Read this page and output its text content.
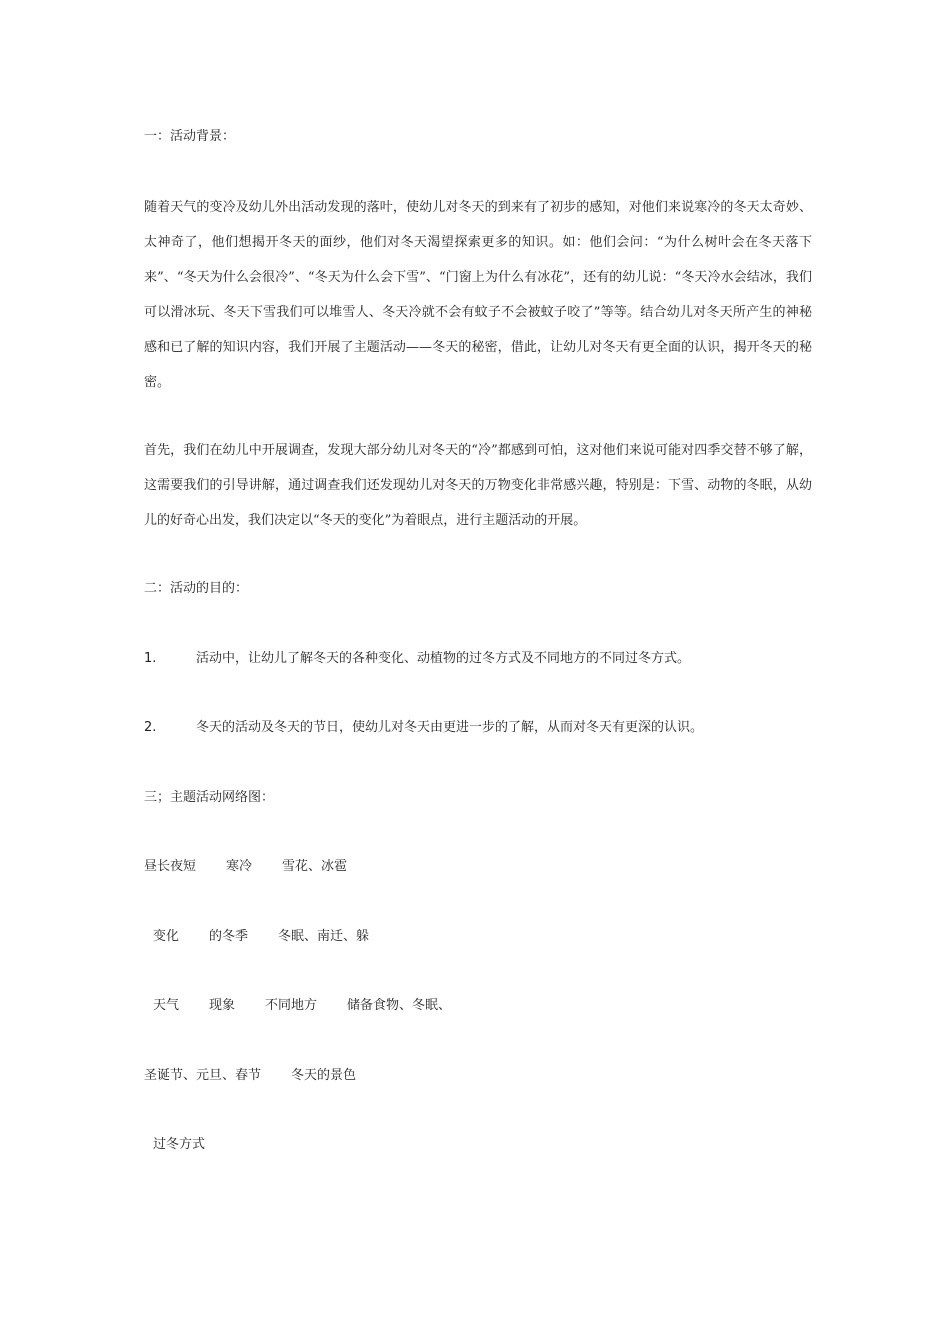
一：活动背景：
随着天气的变冷及幼儿外出活动发现的落叶，使幼儿对冬天的到来有了初步的感知，对他们来说寒冷的冬天太奇妙、太神奇了，他们想揭开冬天的面纱，他们对冬天渴望探索更多的知识。如：他们会问：“为什么树叶会在冬天落下来”、“冬天为什么会很冷”、“冬天为什么会下雪”、“门窗上为什么有冰花”，还有的幼儿说：“冬天冷水会结冰，我们可以滑冰玩、冬天下雪我们可以堆雪人、冬天冷就不会有蚊子不会被蚊子咬了”等等。结合幼儿对冬天所产生的神秘感和已了解的知识内容，我们开展了主题活动——冬天的秘密，借此，让幼儿对冬天有更全面的认识，揭开冬天的秘密。
首先，我们在幼儿中开展调查，发现大部分幼儿对冬天的“冷”都感到可怕，这对他们来说可能对四季交替不够了解，这需要我们的引导讲解，通过调查我们还发现幼儿对冬天的万物变化非常感兴趣，特别是：下雪、动物的冬眠，从幼儿的好奇心出发，我们决定以“冬天的变化”为着眼点，进行主题活动的开展。
二：活动的目的：
1.	活动中，让幼儿了解冬天的各种变化、动植物的过冬方式及不同地方的不同过冬方式。
2.	冬天的活动及冬天的节日，使幼儿对冬天由更进一步的了解，从而对冬天有更深的认识。
三；主题活动网络图：
昼长夜短 寒冷 雪花、冰雹
变化 的冬季 冬眠、南迁、躲
天气 现象 不同地方 储备食物、冬眠、
圣诞节、元旦、春节 冬天的景色
过冬方式
